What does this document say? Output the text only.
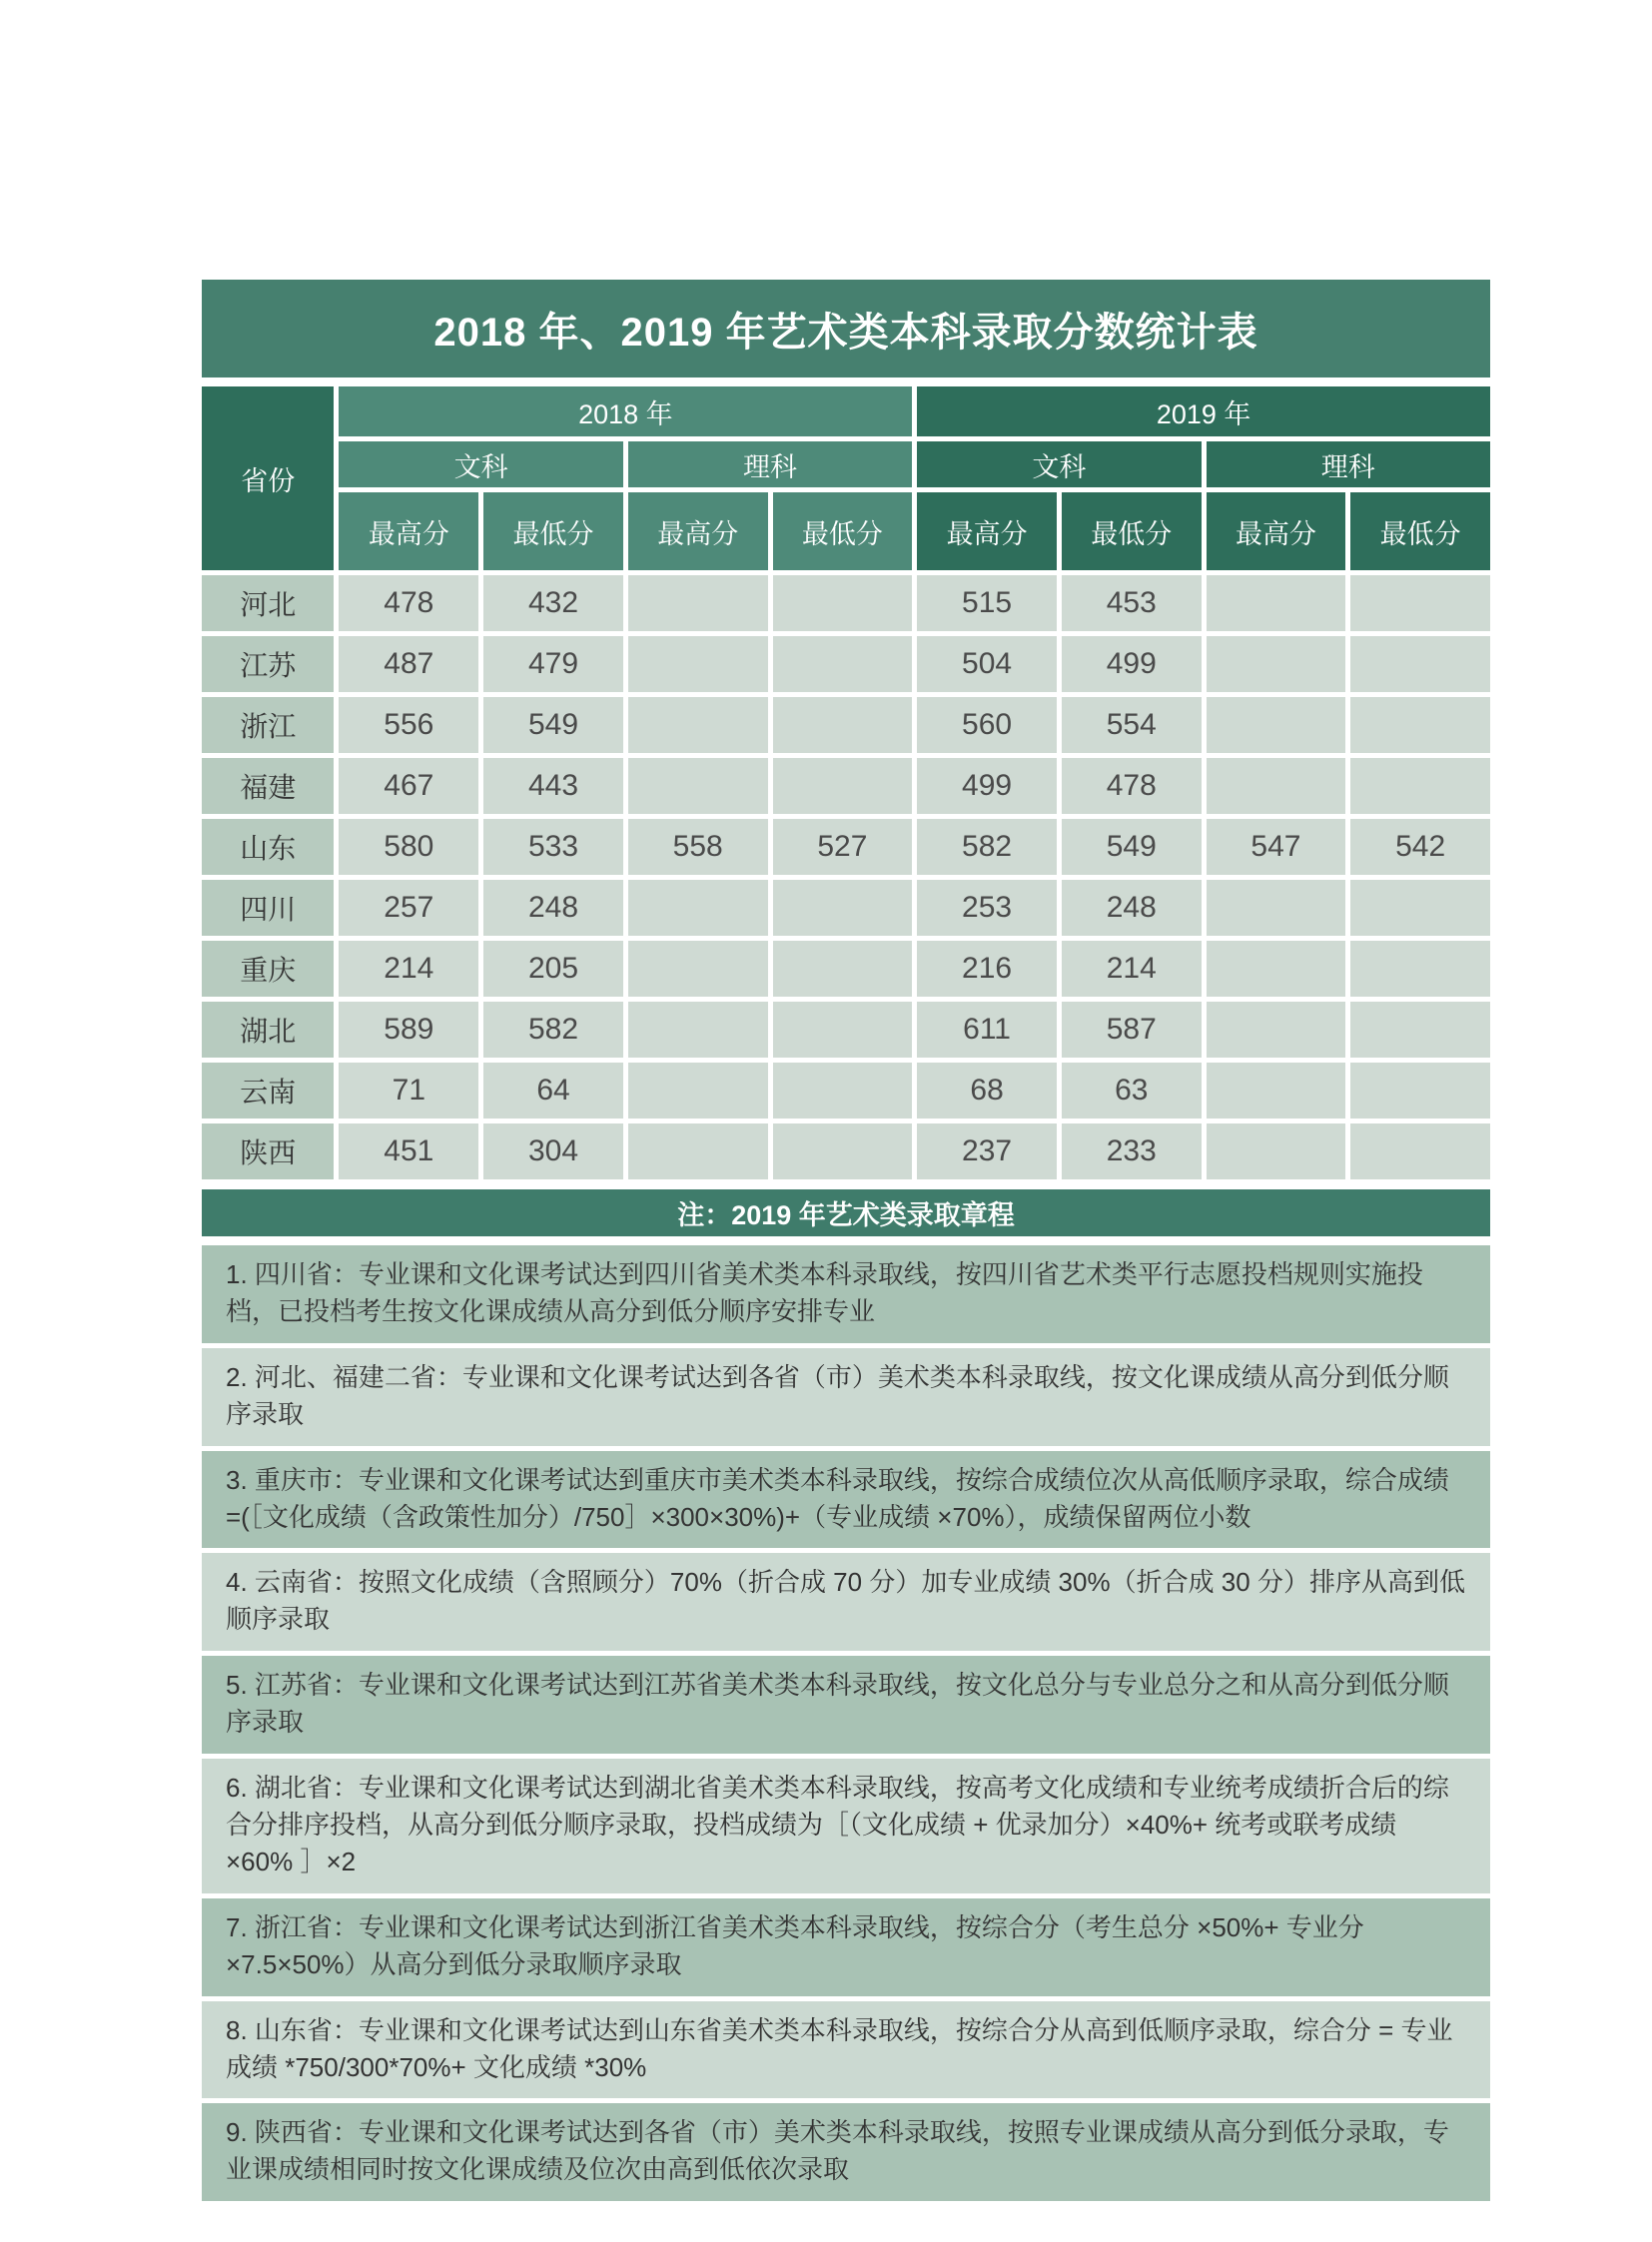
2018 年、2019 年艺术类本科录取分数统计表
省份	2018 年				2019 年			
	文科		理科		文科		理科	
	最高分	最低分	最高分	最低分	最高分	最低分	最高分	最低分
河北	478	432			515	453		
江苏	487	479			504	499		
浙江	556	549			560	554		
福建	467	443			499	478		
山东	580	533	558	527	582	549	547	542
四川	257	248			253	248		
重庆	214	205			216	214		
湖北	589	582			611	587		
云南	71	64			68	63		
陕西	451	304			237	233		
注：2019 年艺术类录取章程
1. 四川省：专业课和文化课考试达到四川省美术类本科录取线，按四川省艺术类平行志愿投档规则实施投档，已投档考生按文化课成绩从高分到低分顺序安排专业
2. 河北、福建二省：专业课和文化课考试达到各省（市）美术类本科录取线，按文化课成绩从高分到低分顺序录取
3. 重庆市：专业课和文化课考试达到重庆市美术类本科录取线，按综合成绩位次从高低顺序录取，综合成绩 =(［文化成绩（含政策性加分）/750］×300×30%)+（专业成绩 ×70%），成绩保留两位小数
4. 云南省：按照文化成绩（含照顾分）70%（折合成 70 分）加专业成绩 30%（折合成 30 分）排序从高到低顺序录取
5. 江苏省：专业课和文化课考试达到江苏省美术类本科录取线，按文化总分与专业总分之和从高分到低分顺序录取
6. 湖北省：专业课和文化课考试达到湖北省美术类本科录取线，按高考文化成绩和专业统考成绩折合后的综合分排序投档，从高分到低分顺序录取，投档成绩为［（文化成绩 + 优录加分）×40%+ 统考或联考成绩 ×60% ］×2
7. 浙江省：专业课和文化课考试达到浙江省美术类本科录取线，按综合分（考生总分 ×50%+ 专业分 ×7.5×50%）从高分到低分录取顺序录取
8. 山东省：专业课和文化课考试达到山东省美术类本科录取线，按综合分从高到低顺序录取，综合分 = 专业成绩 *750/300*70%+ 文化成绩 *30%
9. 陕西省：专业课和文化课考试达到各省（市）美术类本科录取线，按照专业课成绩从高分到低分录取，专业课成绩相同时按文化课成绩及位次由高到低依次录取
